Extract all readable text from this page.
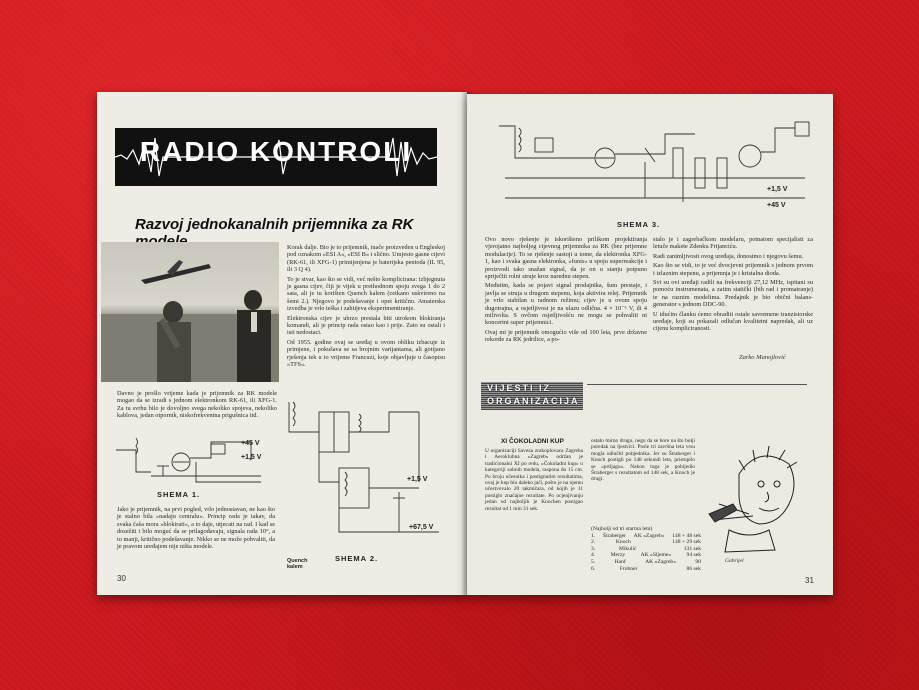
RADIO KONTROLI
Razvoj jednokanalnih prijemnika za RK

Korak dalje. Bio je to prijemnik, inače proizveden u Engleskoj pod oznakom »ESI A«, »ESI B« i slično. Umjesto gasne cijevi (RK-61, ili XFG-1) primijenjena je baterijska pentoda (IL 95, ili 3 Q 4).

To je stvar, kao što se vidi, već nešto komplicirana: izbjegnuta je gasna cijev, čiji je vijek u prethodnom spoju svega 1 do 2 sata, ali je tu korišten Quench kalem (cetkano uskvireno na šemi 2.). Njegovo je podešavanje i opet kritično. Amaterska izvedba je vrlo teška i zahtijeva eksperimentiranje.

Elektronska cijev je ubrzo prestala biti utrokom blokiranja komandi, ali je princip rada ostao kao i prije. Zato su ostali i isti nedostaci.

Od 1955. godine ovaj se uređaj u ovom obliku izbacuje iz primjene, i pokušava se sa brojnim varijantama, ali gotijano rješenja tek u to vrijeme Francuzi, koje objavljuje u časopisu »TFS«.

Davno je prošlo vrijeme kada je prijemnik za RK modele mogao da se izradi s jednom elektronkom RK-61, ili XFG-1. Za tu svrhu bilo je dovoljno svega nekoliko spojeva, nekoliko kablova, jedan otpornik, niskofrekventna prigušnica itd.

+45 V
+1,5 V
SHEMA 1.

Jako je prijemnik, na prvi pogled, vrlo jednostavan, ne kao što je stalno bila »nadaju centralu«. Princip rada je takav, da svaka čaša mora »blokirati«, a to daje, utjecati na rad. I kad se dosežiti i bilo moguć da se prilagođavaju, signala rada 10°, a to manji, kritično podešavanje. Nikko se ne može pohvaliti, da je pravom uređajem nije ništa modele.

Quench kalem
+1,5 V
+67,5 V
SHEMA 2.
30
+1,5 V
+45 V
SHEMA 3.

Ovo novo rješenje je iskorišteno prilikom projektiranja vjerojatno najboljeg cijevnog prijemnika za RK (bez prijemne modulacije). To se rješenje sastoji u tome, da elektronka XFG-1, kao i svaka gasna elektronka, »funis« u spoju superreakcije i proizvodi tako snažan signal, da je on u stanju potpuno spriječiti rolni struje kroz narednu stepen.

Međutim, kada se pojavi signal prodajnika, šum prestaje, i javlja se struja u drugom stepenu, koja aktivira relej. Prijemnik je vrlo stabilan u radnom režimu; cijev je u ovom spoju dugotrajna, a osjetljivost je na ulazu odlična. 4 × 10⁻⁶ V, ili 4 milivolta. S ovčom osjetljivošću ne mogu se pohvaliti ni koncertni super prijemnici.

Ovaj mi je prijemnik omogućio više od 100 leta, prve državne rekorde za RK jedrilice, a po-

stalo je i zagrebačkom modelaru, potnatom specijalisti za letuče makete Zdenku Frijanciću.

Radi zanimljivosti ovog uređaja, donosimo i njegovu šemu.

Kao što se vidi, to je već dvocjevni prijemnik s jednom prvom i izlaznim stepenu, a prijemnja je i kristalna dioda.

Svi su ovi uređaji radili na frekvenciji 27,12 MHz, ispitani su pomoću instrumenata, a zatim statički (bih rad i promatranje) te na raznim modelima. Predajnik je bio obični balans-generator s jednom DDC-90.

U idućim članku ćemo obraditi ostale savremene tranzistorske uređaje, koji su pokazali odlučan kvalitetni napredak, ali uz cijenu kompliciranosti.

Zarko Manojlović
VIJESTI IZ ORGANIZACIJA
XI ČOKOLADNI KUP
U organizaciji Saveza zrakoplovaca Zagreba i Aeroklubna »Zagreb« održan je tradicionalni XI po redu, »Čokoladni kup« u kategoriji sobnih modela, raspona do 15 cm. Po broju učesnika i postignutim rezultatima, ovaj je kup bio daleko jači, pošto je na njemu učestvovalo 20 takmičara, od kojih je 11 postiglo značajne rezultate. Po ocjenjivanju jedan od najboljih je Knochen postigao rezultat od 1 min 31 sek.
ostalo mirno drugo, negu da se bore na što bolji poredak na ljestvici. Posle tri završna leta vrsu mogla odlučiti pobjednika. Jer su Štraberger i Knoch postigli po 148 sekundi leta, pristupilo se »prtljagu«. Nakon toga je pobijedio Štraberger s rezultatom od 148 sek, a Knoch je drugi.
(Najbolji od tri startna leta)
1. Štraberger AK »Zagreb« 148 + 48 sek
2.	Knoch	148 + 29 sek
3.	Mikulić	131 sek
4.	Merzy	AK »Sljeme«	94 sek
5.	Hanf	AK »Zagreb«	90
6.	Frobner	86 sek
Gabrijel
31
